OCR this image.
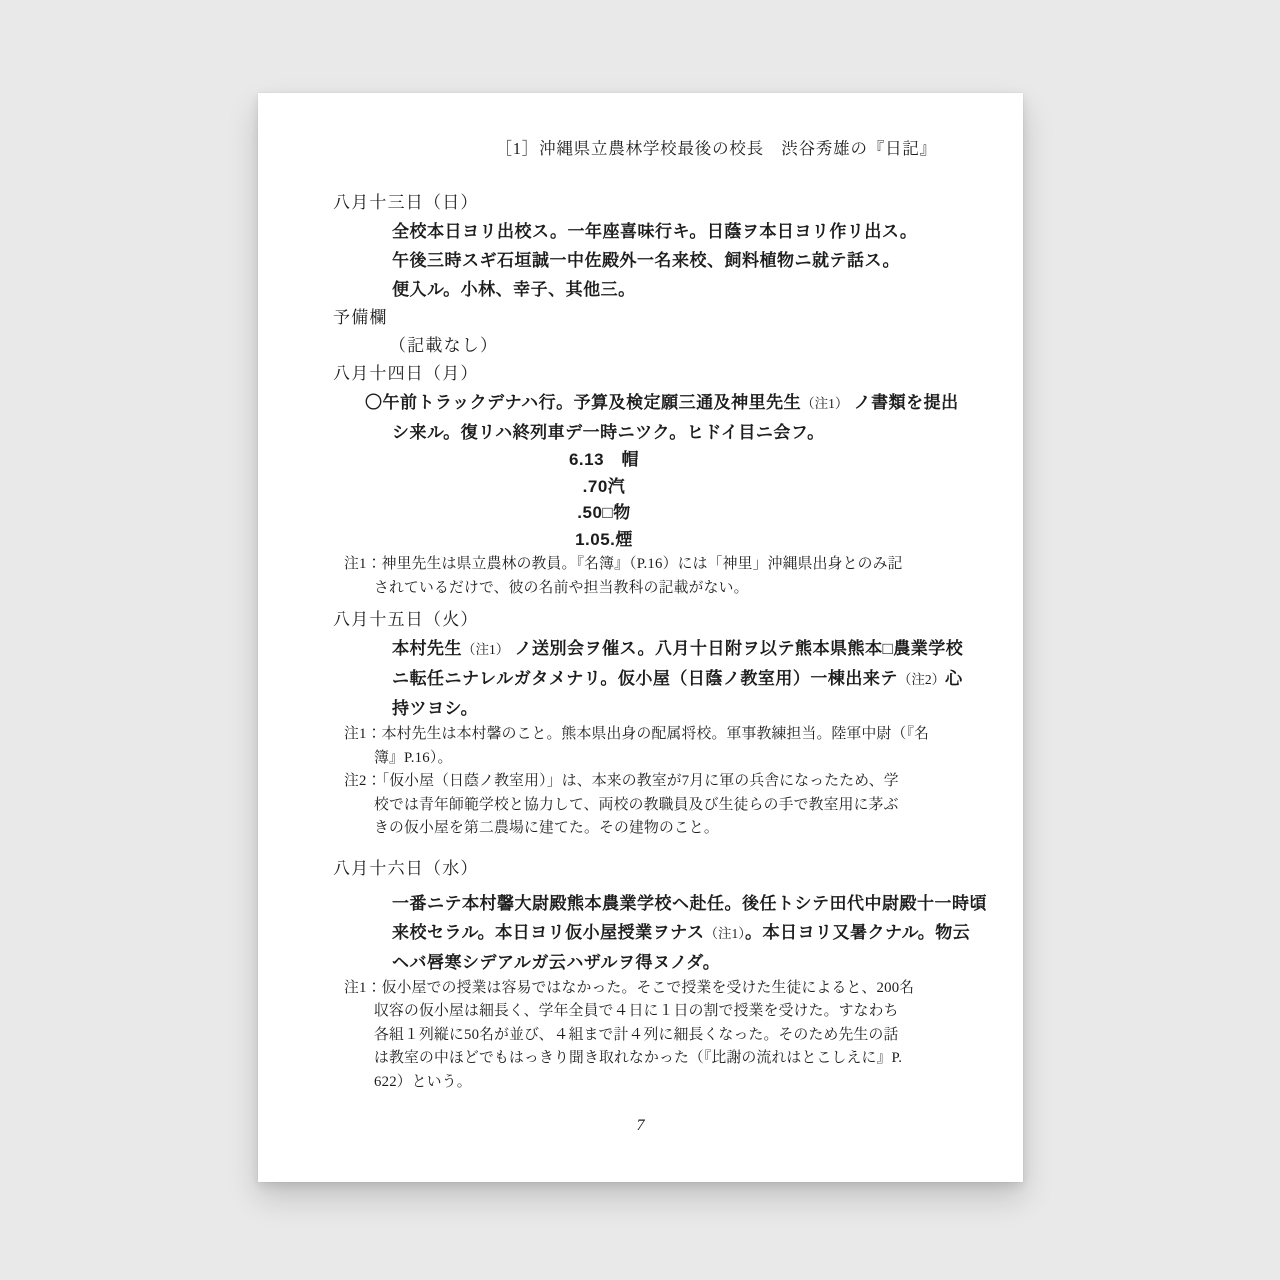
［1］沖縄県立農林学校最後の校長　渋谷秀雄の『日記』
八月十三日（日）
全校本日ヨリ出校ス。一年座喜味行キ。日蔭ヲ本日ヨリ作リ出ス。
午後三時スギ石垣誠一中佐殿外一名来校、飼料植物ニ就テ話ス。
便入ル。小林、幸子、其他三。
予備欄
（記載なし）
八月十四日（月）
〇午前トラックデナハ行。予算及検定願三通及神里先生（注1） ノ書類を提出
シ来ル。復リハ終列車デ一時ニツク。ヒドイ目ニ会フ。
6.13　帽
.70汽
.50□物
1.05.煙
注1：神里先生は県立農林の教員。『名簿』（P.16）には「神里」沖縄県出身とのみ記
されているだけで、彼の名前や担当教科の記載がない。
八月十五日（火）
本村先生（注1） ノ送別会ヲ催ス。八月十日附ヲ以テ熊本県熊本□農業学校
ニ転任ニナレルガタメナリ。仮小屋（日蔭ノ教室用）一棟出来テ（注2）心
持ツヨシ。
注1：本村先生は本村馨のこと。熊本県出身の配属将校。軍事教練担当。陸軍中尉（『名
簿』P.16）。
注2：「仮小屋（日蔭ノ教室用）」は、本来の教室が7月に軍の兵舎になったため、学
校では青年師範学校と協力して、両校の教職員及び生徒らの手で教室用に茅ぶ
きの仮小屋を第二農場に建てた。その建物のこと。
八月十六日（水）
一番ニテ本村馨大尉殿熊本農業学校ヘ赴任。後任トシテ田代中尉殿十一時頃
来校セラル。本日ヨリ仮小屋授業ヲナス（注1）。本日ヨリ又暑クナル。物云
ヘバ唇寒シデアルガ云ハザルヲ得ヌノダ。
注1：仮小屋での授業は容易ではなかった。そこで授業を受けた生徒によると、200名
収容の仮小屋は細長く、学年全員で４日に１日の割で授業を受けた。すなわち
各組１列縦に50名が並び、４組まで計４列に細長くなった。そのため先生の話
は教室の中ほどでもはっきり聞き取れなかった（『比謝の流れはとこしえに』P.
622）という。
7
